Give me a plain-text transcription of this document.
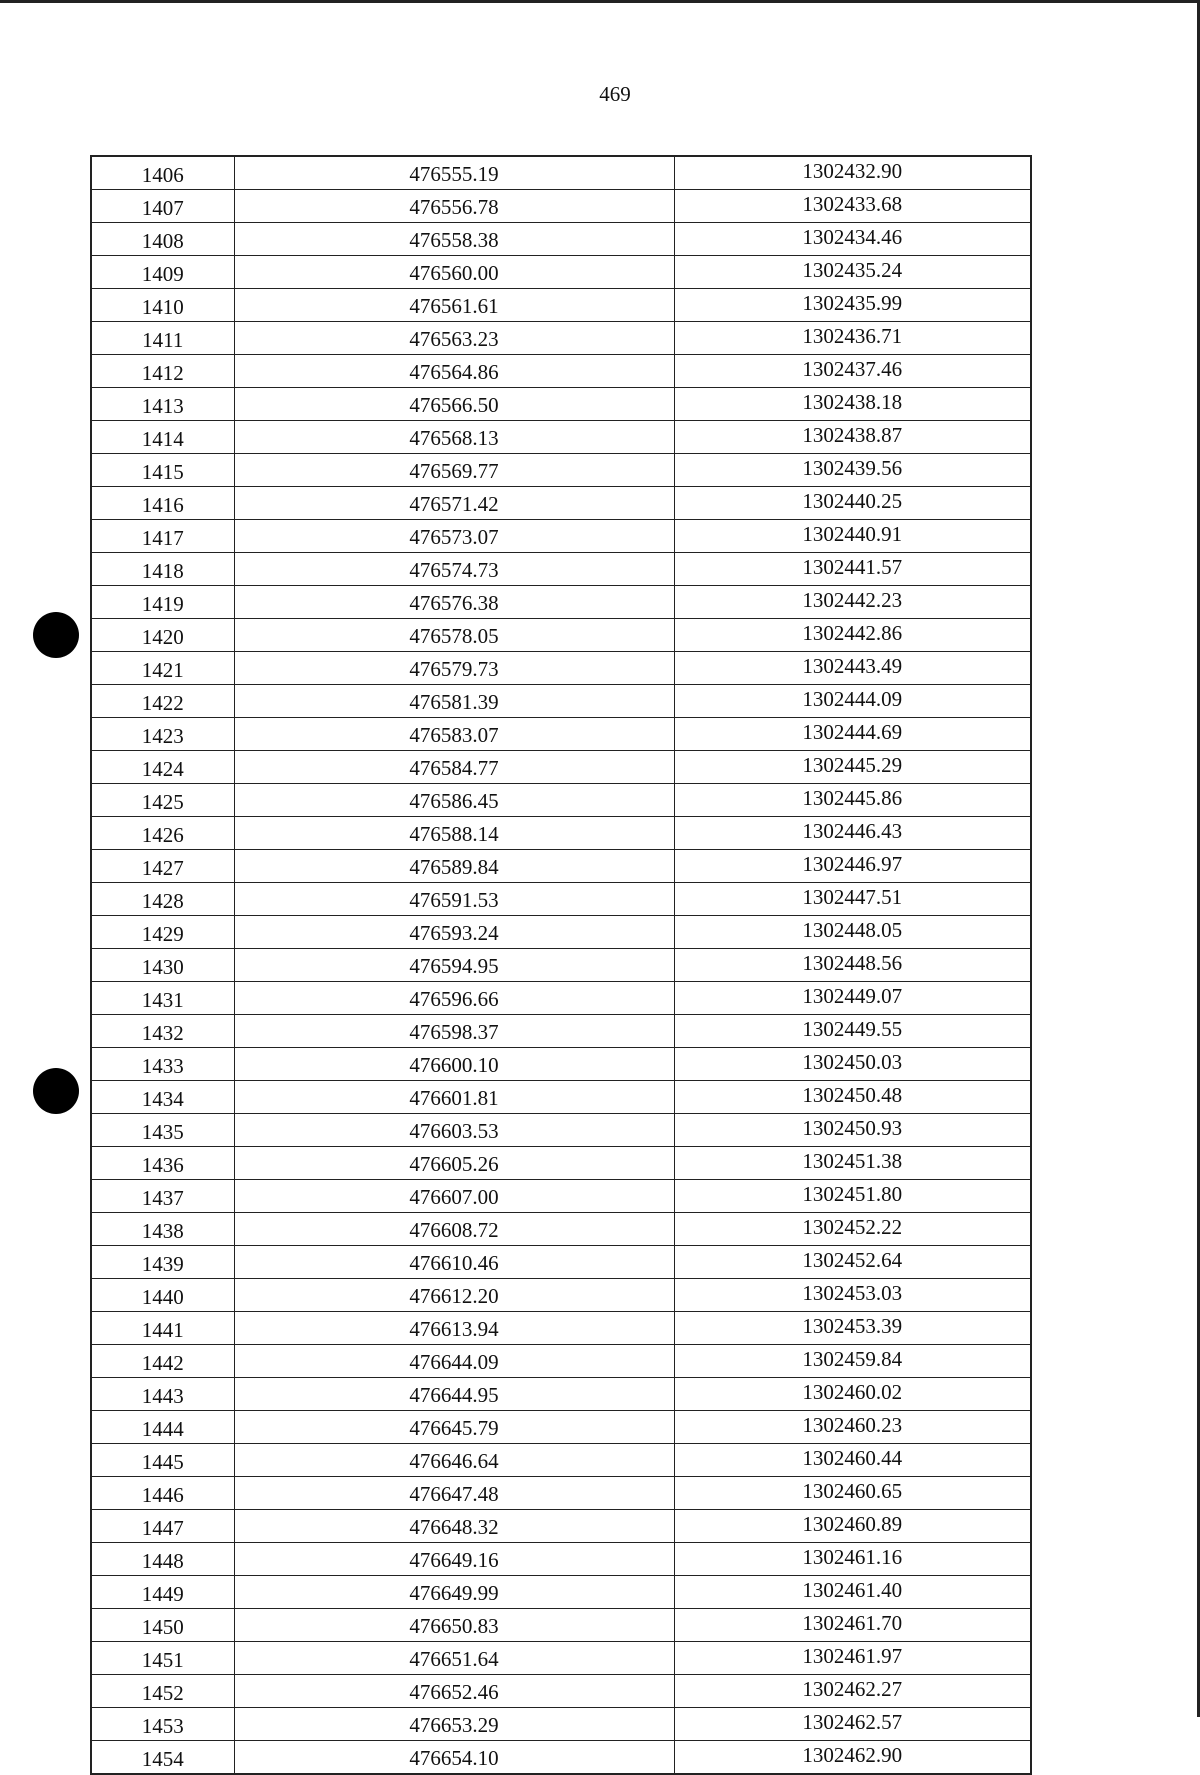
469
1406	476555.19	1302432.90
1407	476556.78	1302433.68
1408	476558.38	1302434.46
1409	476560.00	1302435.24
1410	476561.61	1302435.99
1411	476563.23	1302436.71
1412	476564.86	1302437.46
1413	476566.50	1302438.18
1414	476568.13	1302438.87
1415	476569.77	1302439.56
1416	476571.42	1302440.25
1417	476573.07	1302440.91
1418	476574.73	1302441.57
1419	476576.38	1302442.23
1420	476578.05	1302442.86
1421	476579.73	1302443.49
1422	476581.39	1302444.09
1423	476583.07	1302444.69
1424	476584.77	1302445.29
1425	476586.45	1302445.86
1426	476588.14	1302446.43
1427	476589.84	1302446.97
1428	476591.53	1302447.51
1429	476593.24	1302448.05
1430	476594.95	1302448.56
1431	476596.66	1302449.07
1432	476598.37	1302449.55
1433	476600.10	1302450.03
1434	476601.81	1302450.48
1435	476603.53	1302450.93
1436	476605.26	1302451.38
1437	476607.00	1302451.80
1438	476608.72	1302452.22
1439	476610.46	1302452.64
1440	476612.20	1302453.03
1441	476613.94	1302453.39
1442	476644.09	1302459.84
1443	476644.95	1302460.02
1444	476645.79	1302460.23
1445	476646.64	1302460.44
1446	476647.48	1302460.65
1447	476648.32	1302460.89
1448	476649.16	1302461.16
1449	476649.99	1302461.40
1450	476650.83	1302461.70
1451	476651.64	1302461.97
1452	476652.46	1302462.27
1453	476653.29	1302462.57
1454	476654.10	1302462.90
